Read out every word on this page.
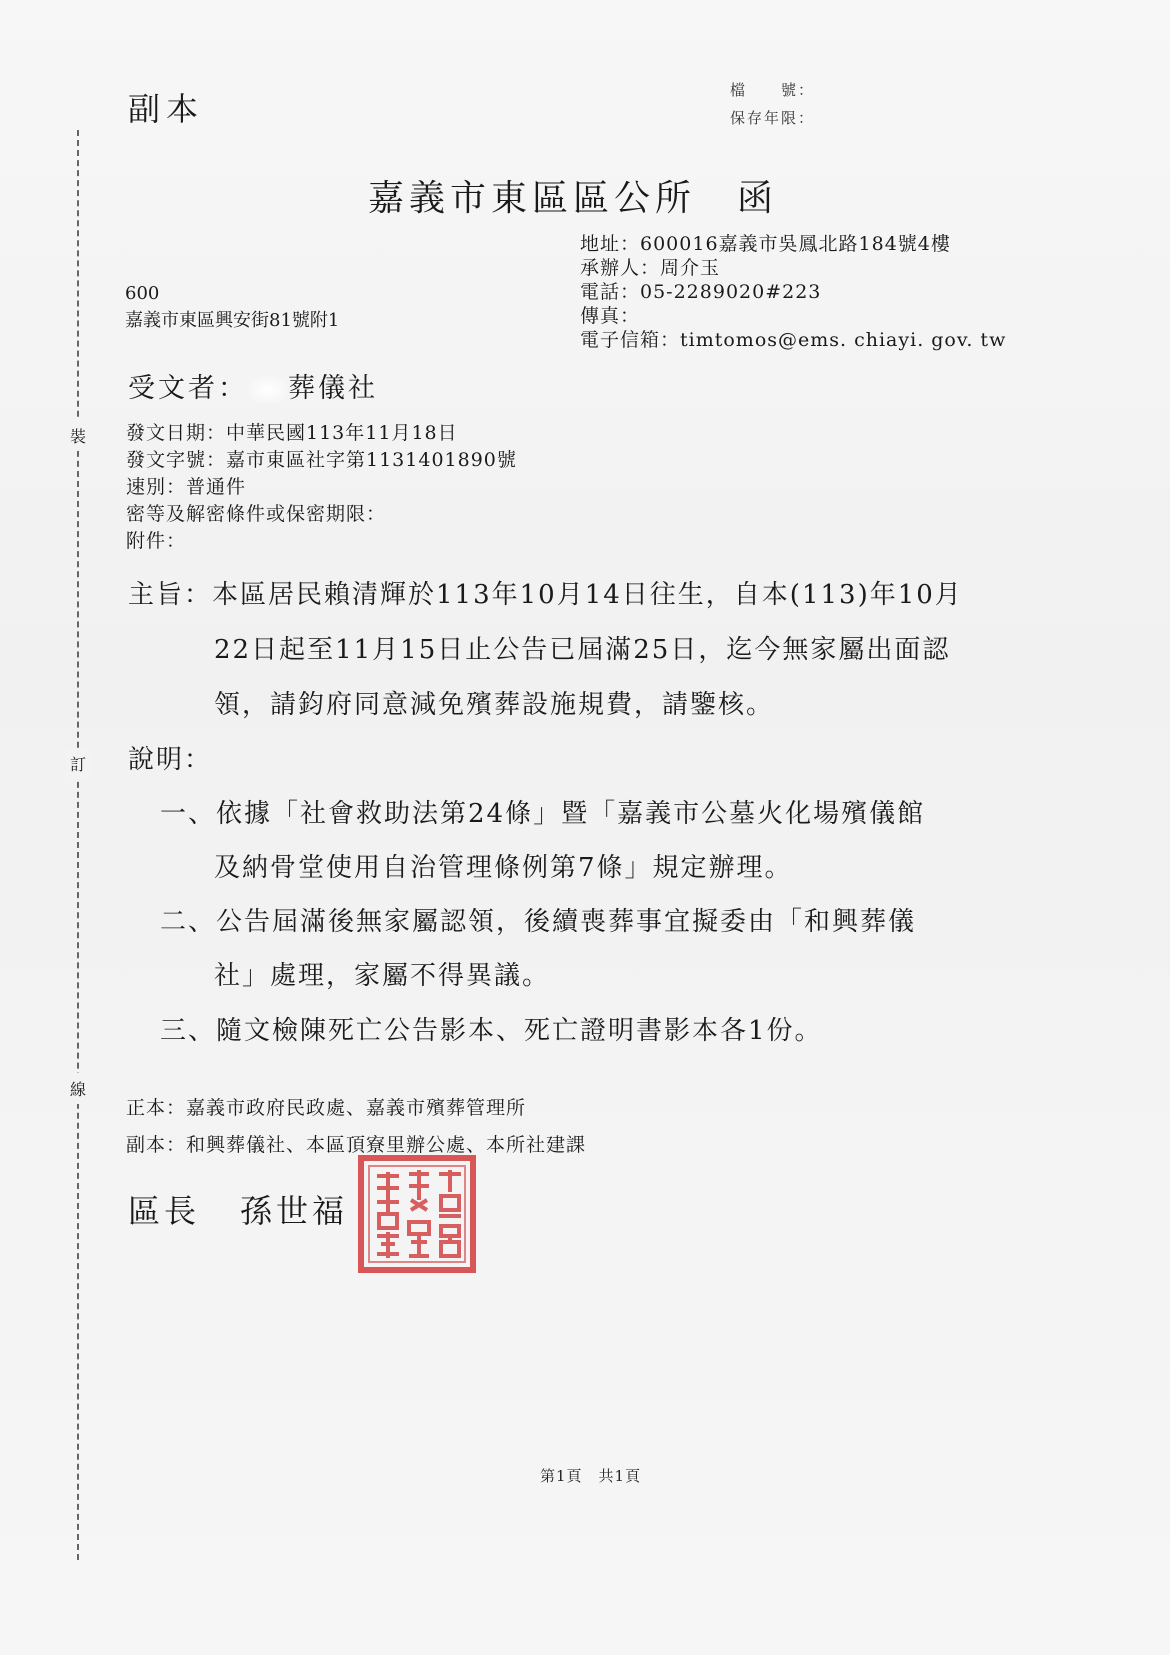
裝
訂
線
副本	檔　　號：
保存年限：
嘉義市東區區公所　函
地址：600016嘉義市吳鳳北路184號4樓
承辦人：周介玉
電話：05-2289020#223
傳真：
電子信箱：timtomos@ems. chiayi. gov. tw
600
嘉義市東區興安街81號附1
受文者： 葬儀社
發文日期：中華民國113年11月18日
發文字號：嘉市東區社字第1131401890號
速別：普通件
密等及解密條件或保密期限：
附件：
主旨：本區居民賴清輝於113年10月14日往生，自本(113)年10月
22日起至11月15日止公告已屆滿25日，迄今無家屬出面認
領，請鈞府同意減免殯葬設施規費，請鑒核。
說明：
一、依據「社會救助法第24條」暨「嘉義市公墓火化場殯儀館
及納骨堂使用自治管理條例第7條」規定辦理。
二、公告屆滿後無家屬認領，後續喪葬事宜擬委由「和興葬儀
社」處理，家屬不得異議。
三、隨文檢陳死亡公告影本、死亡證明書影本各1份。
正本：嘉義市政府民政處、嘉義市殯葬管理所
副本：和興葬儀社、本區頂寮里辦公處、本所社建課
區長 孫世福
第1頁　共1頁
